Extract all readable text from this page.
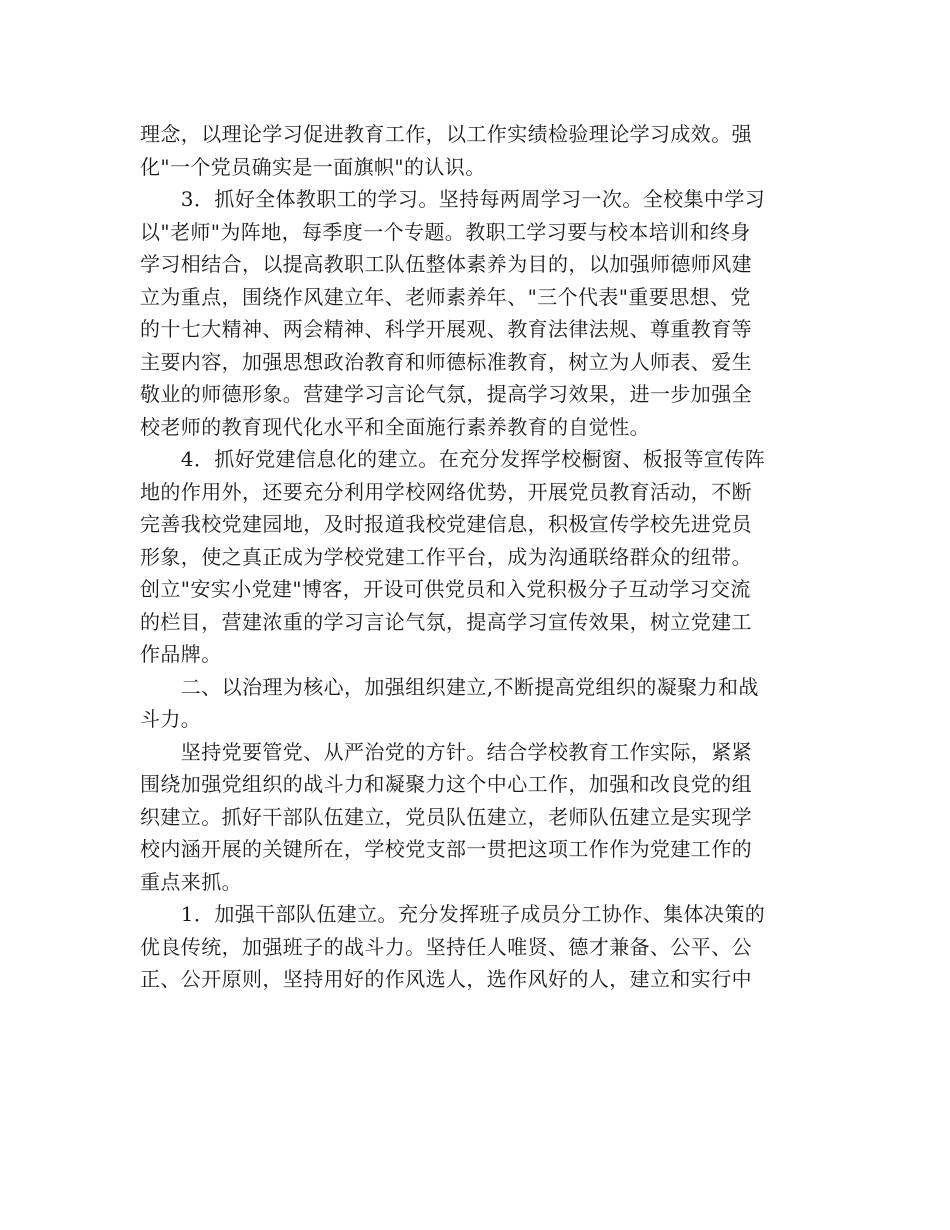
理念，以理论学习促进教育工作，以工作实绩检验理论学习成效。强
化"一个党员确实是一面旗帜"的认识。
　　3．抓好全体教职工的学习。坚持每两周学习一次。全校集中学习
以"老师"为阵地，每季度一个专题。教职工学习要与校本培训和终身
学习相结合，以提高教职工队伍整体素养为目的，以加强师德师风建
立为重点，围绕作风建立年、老师素养年、"三个代表"重要思想、党
的十七大精神、两会精神、科学开展观、教育法律法规、尊重教育等
主要内容，加强思想政治教育和师德标准教育，树立为人师表、爱生
敬业的师德形象。营建学习言论气氛，提高学习效果，进一步加强全
校老师的教育现代化水平和全面施行素养教育的自觉性。
　　4．抓好党建信息化的建立。在充分发挥学校橱窗、板报等宣传阵
地的作用外，还要充分利用学校网络优势，开展党员教育活动，不断
完善我校党建园地，及时报道我校党建信息，积极宣传学校先进党员
形象，使之真正成为学校党建工作平台，成为沟通联络群众的纽带。
创立"安实小党建"博客，开设可供党员和入党积极分子互动学习交流
的栏目，营建浓重的学习言论气氛，提高学习宣传效果，树立党建工
作品牌。
　　二、以治理为核心，加强组织建立,不断提高党组织的凝聚力和战
斗力。
　　坚持党要管党、从严治党的方针。结合学校教育工作实际，紧紧
围绕加强党组织的战斗力和凝聚力这个中心工作，加强和改良党的组
织建立。抓好干部队伍建立，党员队伍建立，老师队伍建立是实现学
校内涵开展的关键所在，学校党支部一贯把这项工作作为党建工作的
重点来抓。
　　1．加强干部队伍建立。充分发挥班子成员分工协作、集体决策的
优良传统，加强班子的战斗力。坚持任人唯贤、德才兼备、公平、公
正、公开原则，坚持用好的作风选人，选作风好的人，建立和实行中
